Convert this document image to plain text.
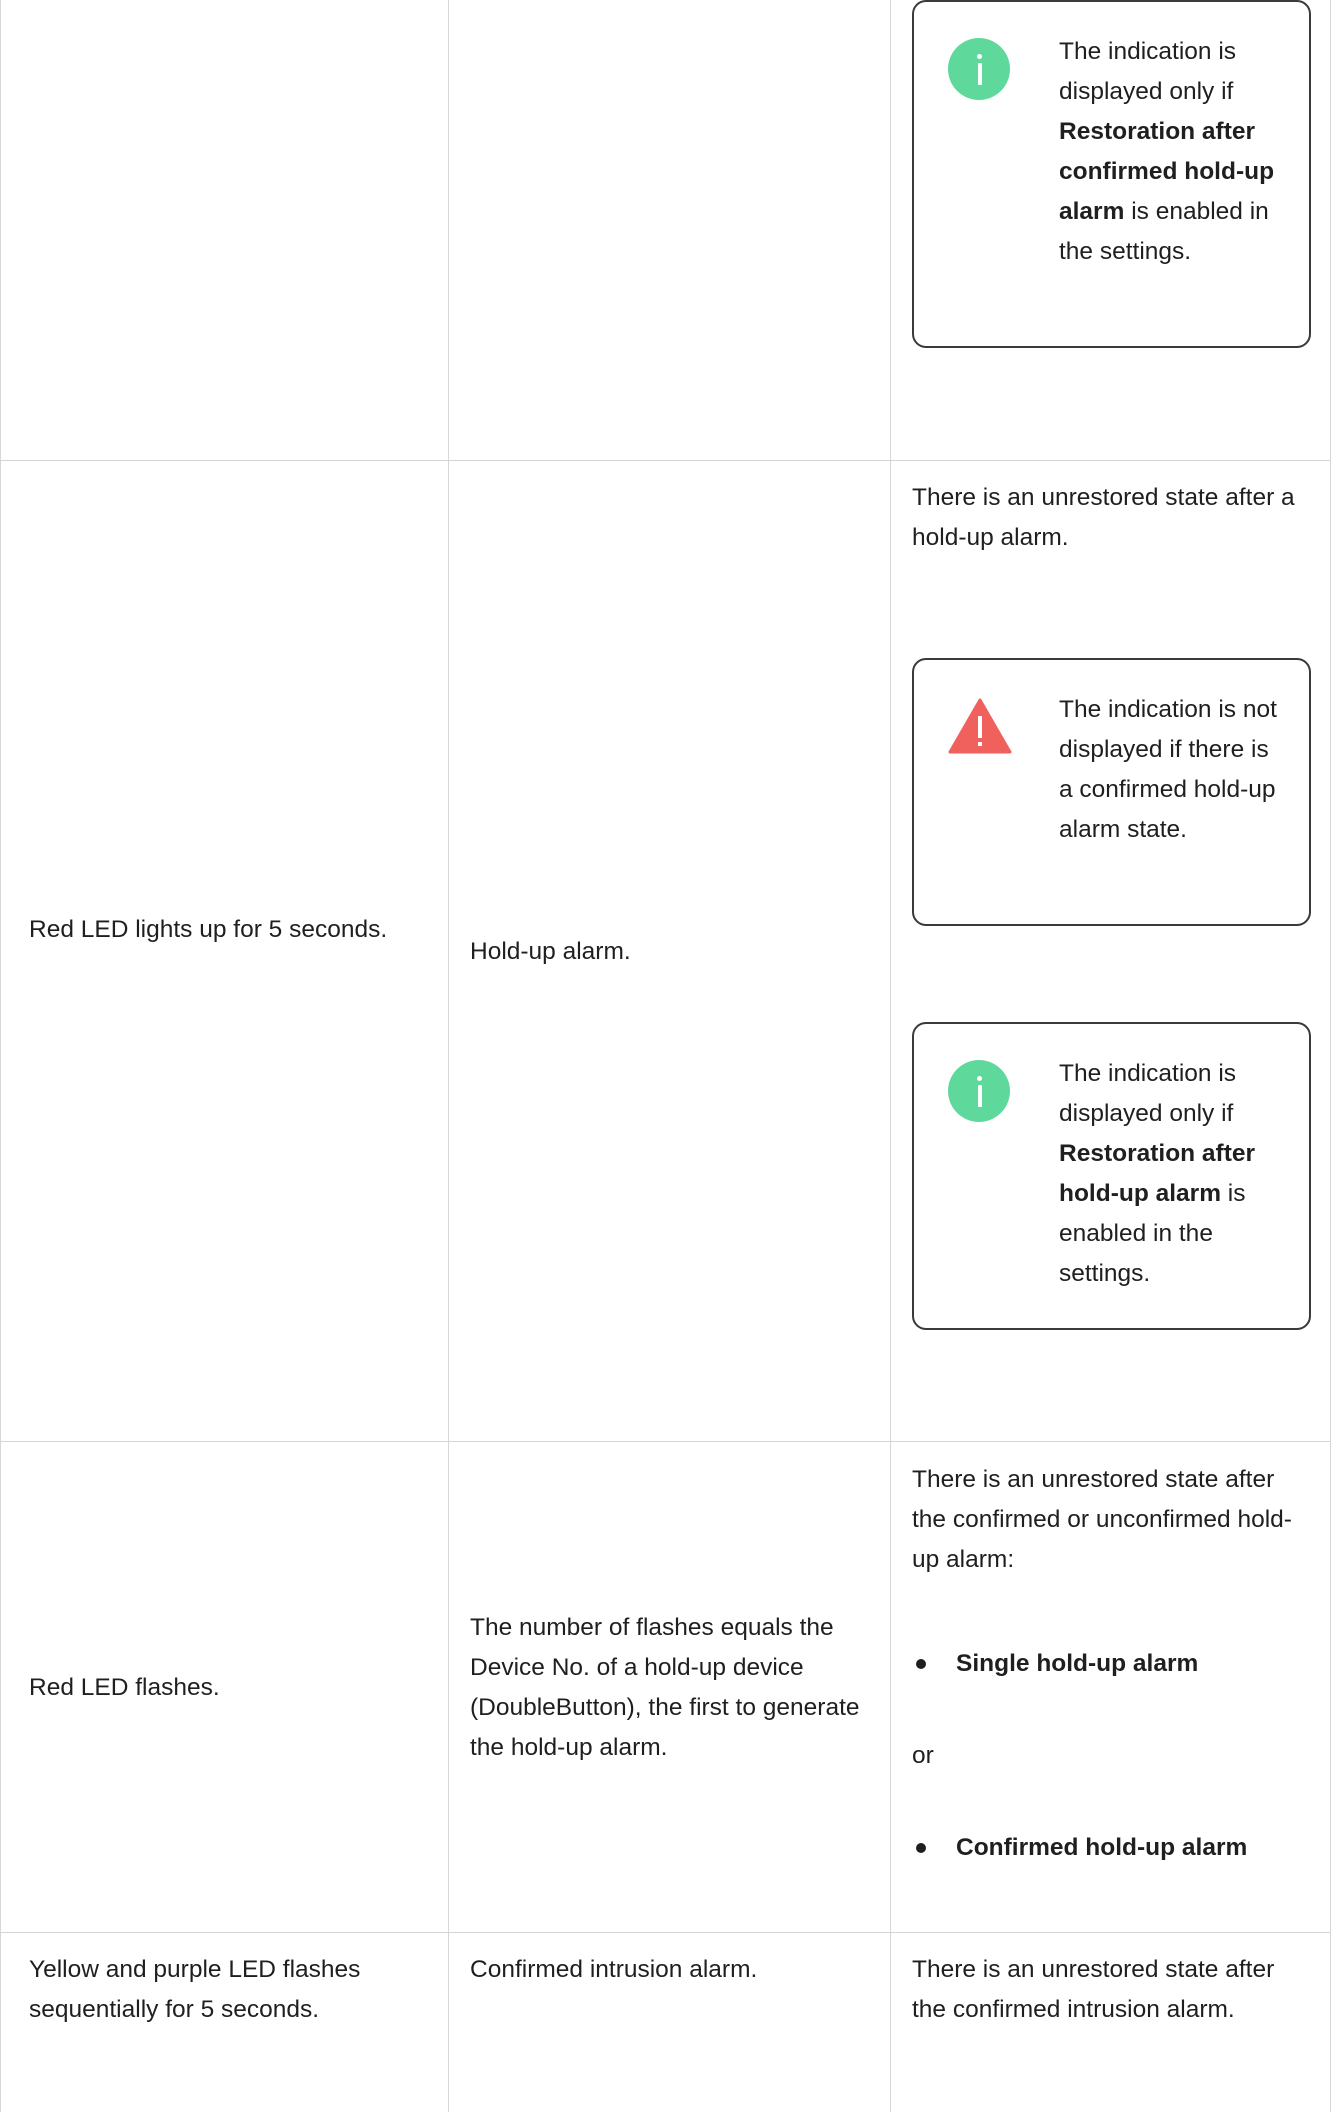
The indication is displayed only if Restoration after confirmed hold-up alarm is enabled in the settings.
Red LED lights up for 5 seconds.
Hold-up alarm.
There is an unrestored state after a hold-up alarm.
The indication is not displayed if there is a confirmed hold-up alarm state.
The indication is displayed only if Restoration after hold-up alarm is enabled in the settings.
Red LED flashes.
The number of flashes equals the Device No. of a hold-up device (DoubleButton), the first to generate the hold-up alarm.
There is an unrestored state after the confirmed or unconfirmed hold-up alarm:
Single hold-up alarm
or
Confirmed hold-up alarm
Yellow and purple LED flashes sequentially for 5 seconds.
Confirmed intrusion alarm.	There is an unrestored state after the confirmed intrusion alarm.
